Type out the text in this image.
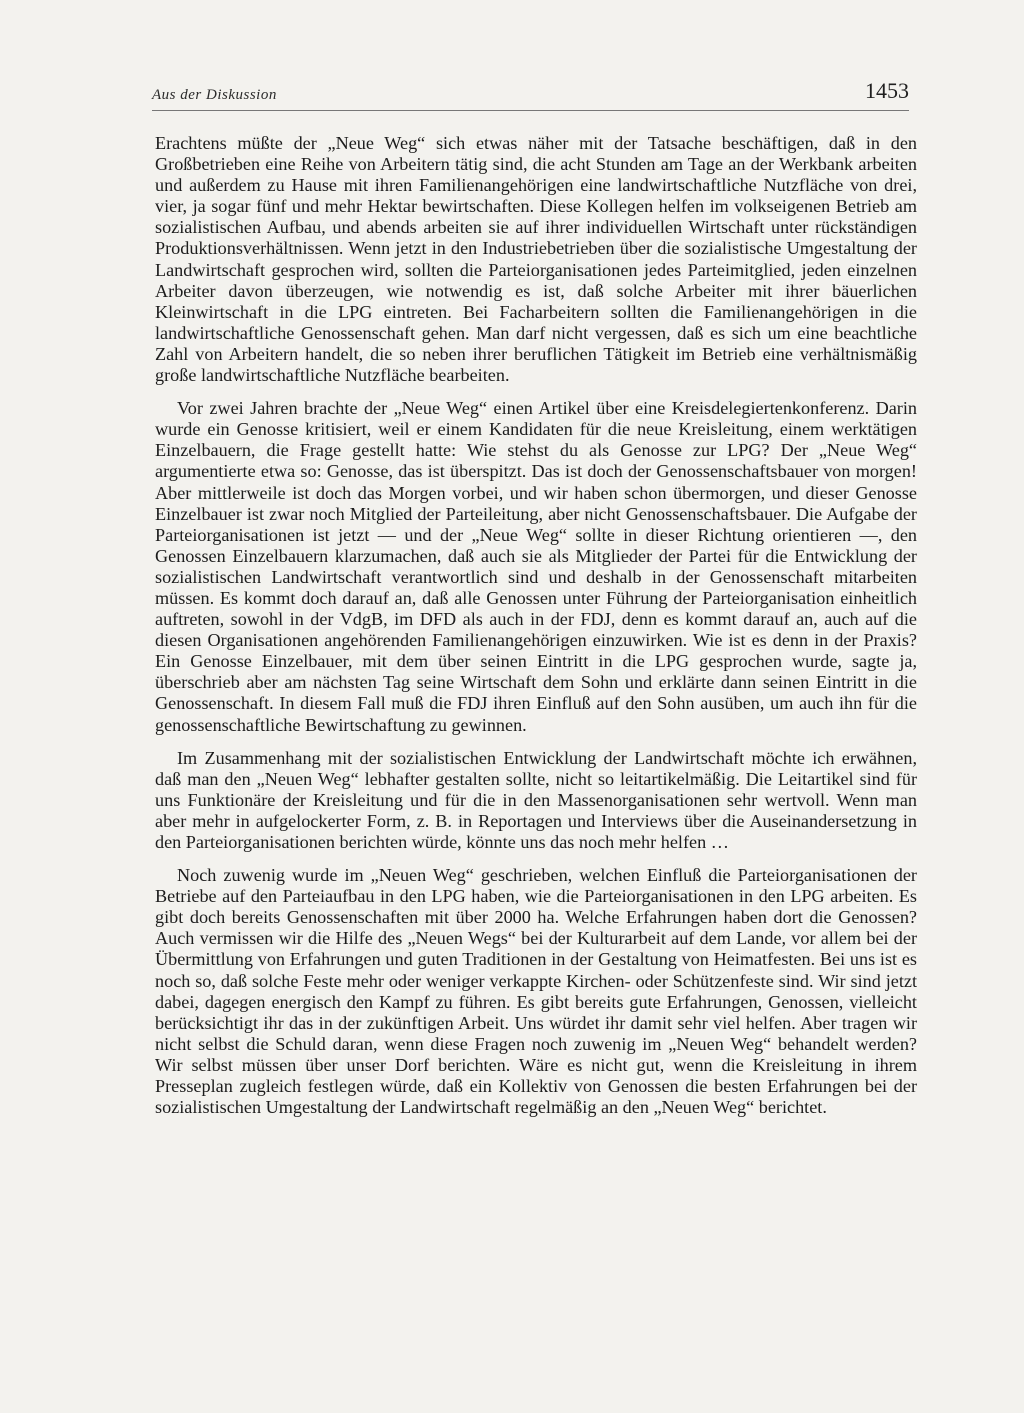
Aus der Diskussion	1453

Erachtens müßte der „Neue Weg“ sich etwas näher mit der Tatsache beschäftigen, daß in den Großbetrieben eine Reihe von Arbeitern tätig sind, die acht Stunden am Tage an der Werkbank arbeiten und außerdem zu Hause mit ihren Familienangehörigen eine landwirtschaftliche Nutzfläche von drei, vier, ja sogar fünf und mehr Hektar bewirtschaften. Diese Kollegen helfen im volkseigenen Betrieb am sozialistischen Aufbau, und abends arbeiten sie auf ihrer individuellen Wirtschaft unter rückständigen Produktionsverhältnissen. Wenn jetzt in den Industriebetrieben über die sozialistische Umgestaltung der Landwirtschaft gesprochen wird, sollten die Parteiorganisationen jedes Parteimitglied, jeden einzelnen Arbeiter davon überzeugen, wie notwendig es ist, daß solche Arbeiter mit ihrer bäuerlichen Kleinwirtschaft in die LPG eintreten. Bei Facharbeitern sollten die Familienangehörigen in die landwirtschaftliche Genossenschaft gehen. Man darf nicht vergessen, daß es sich um eine beachtliche Zahl von Arbeitern handelt, die so neben ihrer beruflichen Tätigkeit im Betrieb eine verhältnismäßig große landwirtschaftliche Nutzfläche bearbeiten.

Vor zwei Jahren brachte der „Neue Weg“ einen Artikel über eine Kreisdelegiertenkonferenz. Darin wurde ein Genosse kritisiert, weil er einem Kandidaten für die neue Kreisleitung, einem werktätigen Einzelbauern, die Frage gestellt hatte: Wie stehst du als Genosse zur LPG? Der „Neue Weg“ argumentierte etwa so: Genosse, das ist überspitzt. Das ist doch der Genossenschaftsbauer von morgen! Aber mittlerweile ist doch das Morgen vorbei, und wir haben schon übermorgen, und dieser Genosse Einzelbauer ist zwar noch Mitglied der Parteileitung, aber nicht Genossenschaftsbauer. Die Aufgabe der Parteiorganisationen ist jetzt — und der „Neue Weg“ sollte in dieser Richtung orientieren —, den Genossen Einzelbauern klarzumachen, daß auch sie als Mitglieder der Partei für die Entwicklung der sozialistischen Landwirtschaft verantwortlich sind und deshalb in der Genossenschaft mitarbeiten müssen. Es kommt doch darauf an, daß alle Genossen unter Führung der Parteiorganisation einheitlich auftreten, sowohl in der VdgB, im DFD als auch in der FDJ, denn es kommt darauf an, auch auf die diesen Organisationen angehörenden Familienangehörigen einzuwirken. Wie ist es denn in der Praxis? Ein Genosse Einzelbauer, mit dem über seinen Eintritt in die LPG gesprochen wurde, sagte ja, überschrieb aber am nächsten Tag seine Wirtschaft dem Sohn und erklärte dann seinen Eintritt in die Genossenschaft. In diesem Fall muß die FDJ ihren Einfluß auf den Sohn ausüben, um auch ihn für die genossenschaftliche Bewirtschaftung zu gewinnen.

Im Zusammenhang mit der sozialistischen Entwicklung der Landwirtschaft möchte ich erwähnen, daß man den „Neuen Weg“ lebhafter gestalten sollte, nicht so leitartikelmäßig. Die Leitartikel sind für uns Funktionäre der Kreisleitung und für die in den Massenorganisationen sehr wertvoll. Wenn man aber mehr in aufgelockerter Form, z. B. in Reportagen und Interviews über die Auseinandersetzung in den Parteiorganisationen berichten würde, könnte uns das noch mehr helfen …

Noch zuwenig wurde im „Neuen Weg“ geschrieben, welchen Einfluß die Parteiorganisationen der Betriebe auf den Parteiaufbau in den LPG haben, wie die Parteiorganisationen in den LPG arbeiten. Es gibt doch bereits Genossenschaften mit über 2000 ha. Welche Erfahrungen haben dort die Genossen? Auch vermissen wir die Hilfe des „Neuen Wegs“ bei der Kulturarbeit auf dem Lande, vor allem bei der Übermittlung von Erfahrungen und guten Traditionen in der Gestaltung von Heimatfesten. Bei uns ist es noch so, daß solche Feste mehr oder weniger verkappte Kirchen- oder Schützenfeste sind. Wir sind jetzt dabei, dagegen energisch den Kampf zu führen. Es gibt bereits gute Erfahrungen, Genossen, vielleicht berücksichtigt ihr das in der zukünftigen Arbeit. Uns würdet ihr damit sehr viel helfen. Aber tragen wir nicht selbst die Schuld daran, wenn diese Fragen noch zuwenig im „Neuen Weg“ behandelt werden? Wir selbst müssen über unser Dorf berichten. Wäre es nicht gut, wenn die Kreisleitung in ihrem Presseplan zugleich festlegen würde, daß ein Kollektiv von Genossen die besten Erfahrungen bei der sozialistischen Umgestaltung der Landwirtschaft regelmäßig an den „Neuen Weg“ berichtet.
